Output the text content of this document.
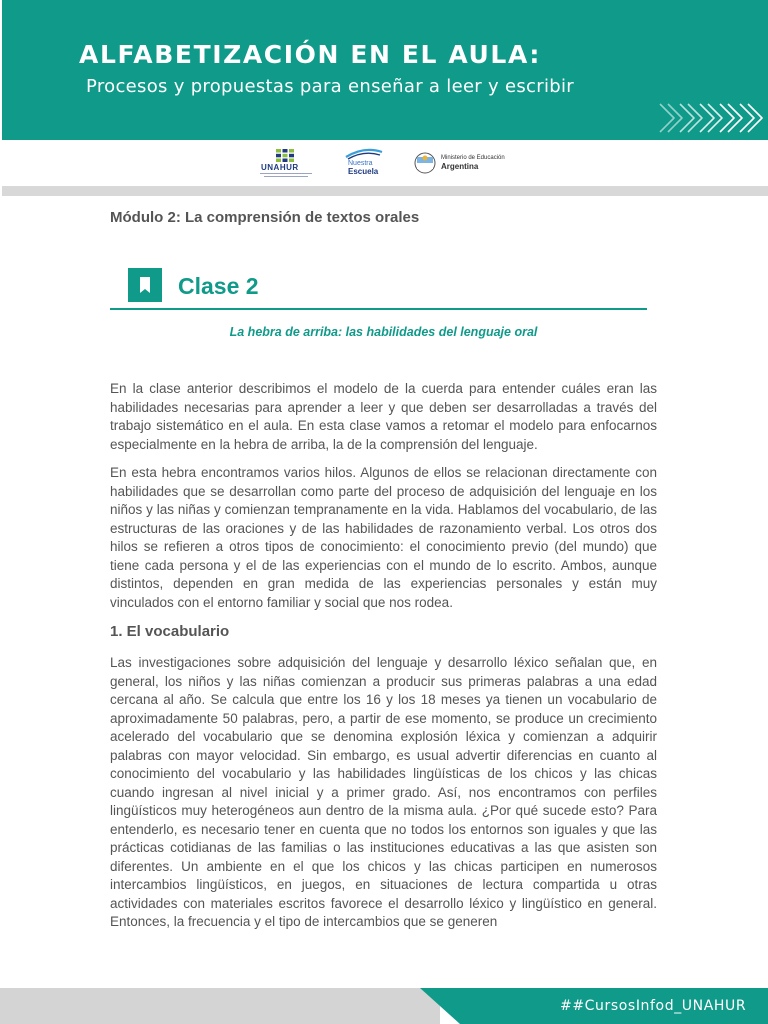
ALFABETIZACIÓN EN EL AULA:
Procesos y propuestas para enseñar a leer y escribir
UNAHUR	Nuestra
Escuela
Ministerio de Educación
Argentina
Módulo 2: La comprensión de textos orales
Clase 2
La hebra de arriba: las habilidades del lenguaje oral

En la clase anterior describimos el modelo de la cuerda para entender cuáles eran las habilidades necesarias para aprender a leer y que deben ser desarrolladas a través del trabajo sistemático en el aula. En esta clase vamos a retomar el modelo para enfocarnos especialmente en la hebra de arriba, la de la comprensión del lenguaje.

En esta hebra encontramos varios hilos. Algunos de ellos se relacionan directamente con habilidades que se desarrollan como parte del proceso de adquisición del lenguaje en los niños y las niñas y comienzan tempranamente en la vida. Hablamos del vocabulario, de las estructuras de las oraciones y de las habilidades de razonamiento verbal. Los otros dos hilos se refieren a otros tipos de conocimiento: el conocimiento previo (del mundo) que tiene cada persona y el de las experiencias con el mundo de lo escrito. Ambos, aunque distintos, dependen en gran medida de las experiencias personales y están muy vinculados con el entorno familiar y social que nos rodea.

1. El vocabulario

Las investigaciones sobre adquisición del lenguaje y desarrollo léxico señalan que, en general, los niños y las niñas comienzan a producir sus primeras palabras a una edad cercana al año. Se calcula que entre los 16 y los 18 meses ya tienen un vocabulario de aproximadamente 50 palabras, pero, a partir de ese momento, se produce un crecimiento acelerado del vocabulario que se denomina explosión léxica y comienzan a adquirir palabras con mayor velocidad. Sin embargo, es usual advertir diferencias en cuanto al conocimiento del vocabulario y las habilidades lingüísticas de los chicos y las chicas cuando ingresan al nivel inicial y a primer grado. Así, nos encontramos con perfiles lingüísticos muy heterogéneos aun dentro de la misma aula. ¿Por qué sucede esto? Para entenderlo, es necesario tener en cuenta que no todos los entornos son iguales y que las prácticas cotidianas de las familias o las instituciones educativas a las que asisten son diferentes. Un ambiente en el que los chicos y las chicas participen en numerosos intercambios lingüísticos, en juegos, en situaciones de lectura compartida u otras actividades con materiales escritos favorece el desarrollo léxico y lingüístico en general. Entonces, la frecuencia y el tipo de intercambios que se generen

##CursosInfod_UNAHUR
